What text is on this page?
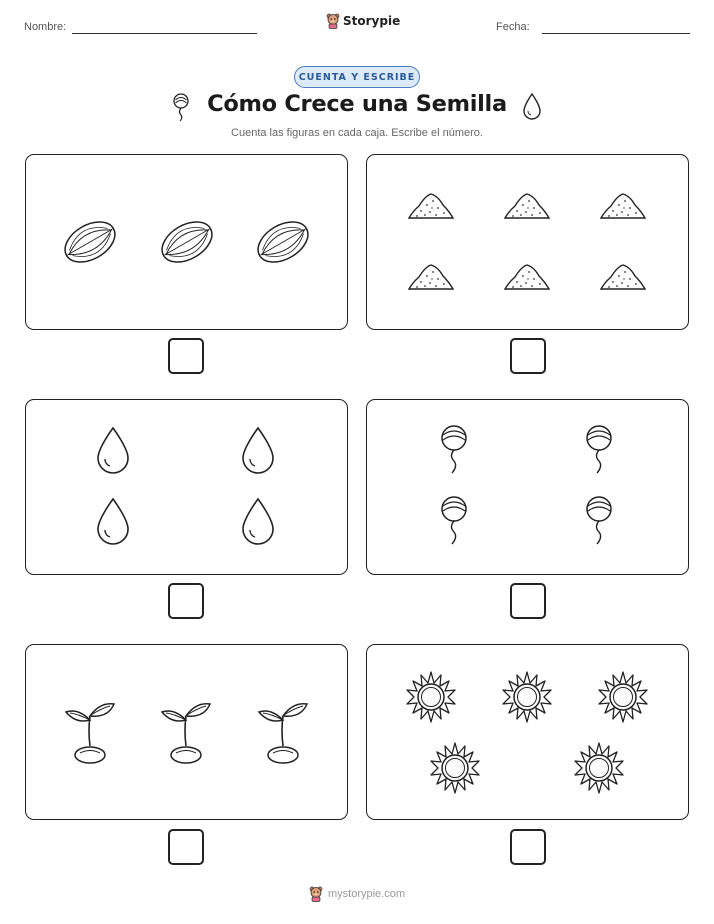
Nombre:	Storypie	Fecha:
CUENTA Y ESCRIBE
Cómo Crece una Semilla
Cuenta las figuras en cada caja. Escribe el número.
mystorypie.com
